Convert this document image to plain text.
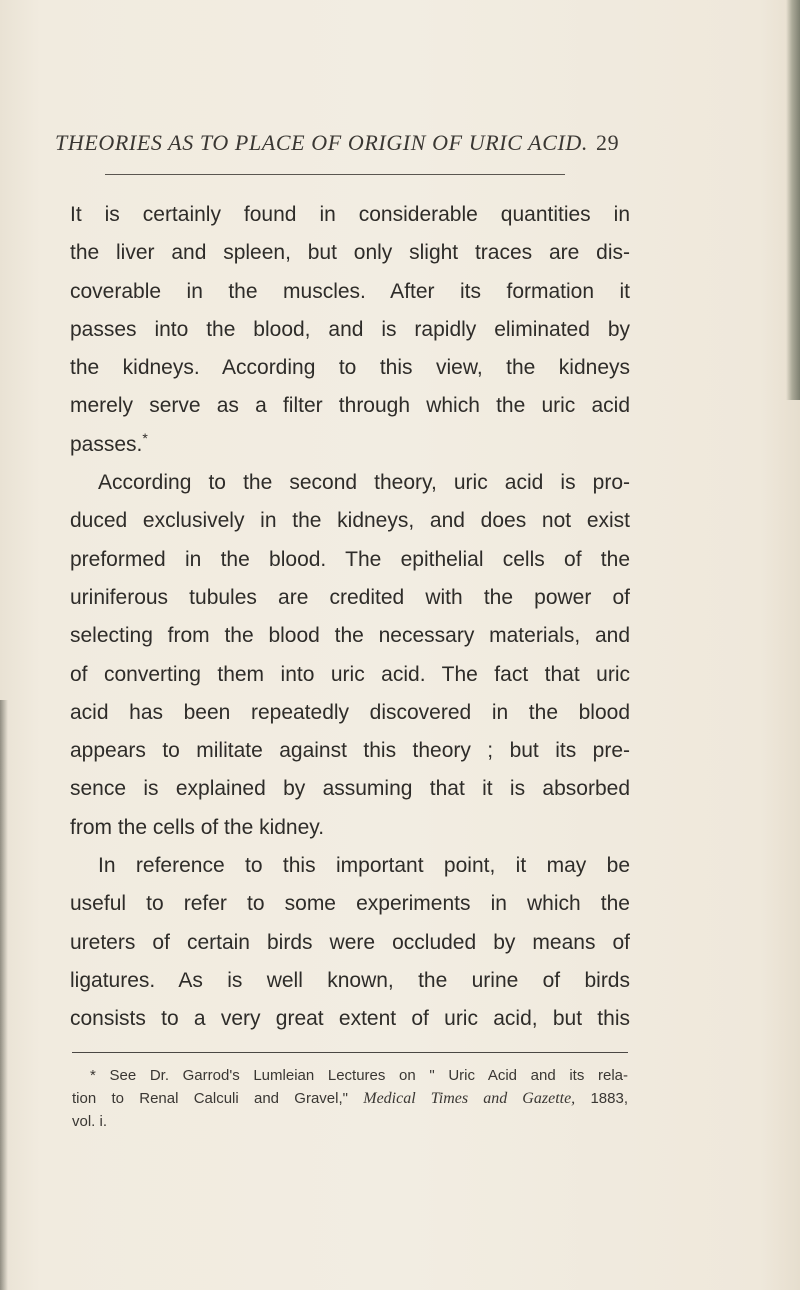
THEORIES AS TO PLACE OF ORIGIN OF URIC ACID. 29
It is certainly found in considerable quantities in
the liver and spleen, but only slight traces are dis-
coverable in the muscles. After its formation it
passes into the blood, and is rapidly eliminated by
the kidneys. According to this view, the kidneys
merely serve as a filter through which the uric acid
passes.*
According to the second theory, uric acid is pro-
duced exclusively in the kidneys, and does not exist
preformed in the blood. The epithelial cells of the
uriniferous tubules are credited with the power of
selecting from the blood the necessary materials, and
of converting them into uric acid. The fact that uric
acid has been repeatedly discovered in the blood
appears to militate against this theory ; but its pre-
sence is explained by assuming that it is absorbed
from the cells of the kidney.
In reference to this important point, it may be
useful to refer to some experiments in which the
ureters of certain birds were occluded by means of
ligatures. As is well known, the urine of birds
consists to a very great extent of uric acid, but this
* See Dr. Garrod's Lumleian Lectures on " Uric Acid and its rela-
tion to Renal Calculi and Gravel," Medical Times and Gazette, 1883,
vol. i.
